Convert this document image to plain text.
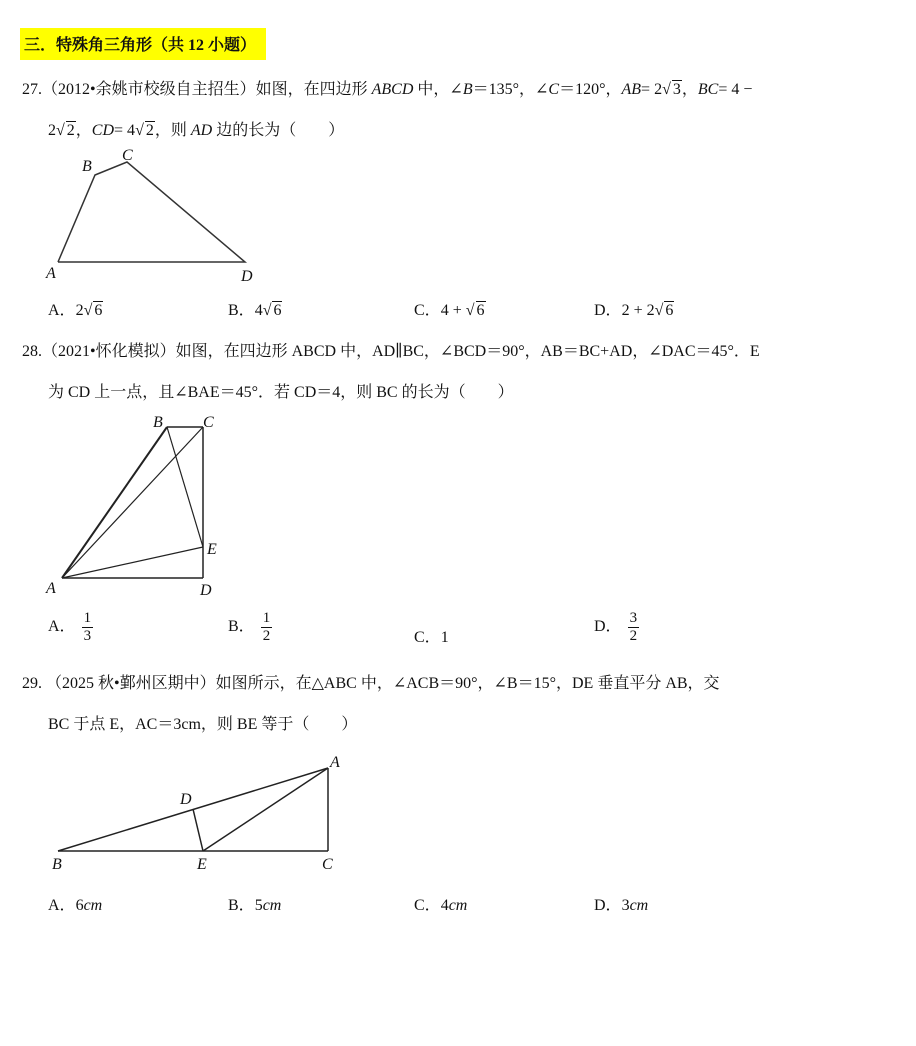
三．特殊角三角形（共 12 小题）
27.（2012•余姚市校级自主招生）如图，在四边形 ABCD 中，∠B＝135°，∠C＝120°，AB= 2√ 3，BC= 4 −
2√ 2，CD= 4√ 2，则 AD 边的长为（　　）
A
B
C
D
A．2√ 6	B．4√ 6	C．4 + √ 6	D．2 + 2√ 6
28.（2021•怀化模拟）如图，在四边形 ABCD 中，AD∥BC，∠BCD＝90°，AB＝BC+AD，∠DAC＝45°．E
为 CD 上一点，且∠BAE＝45°．若 CD＝4，则 BC 的长为（　　）
A
B	C
D
E
A． $\frac{1}{3}$	B． $\frac{1}{2}$	C．1
D． $\frac{3}{2}$
29. （2025 秋•鄞州区期中）如图所示，在△ABC 中，∠ACB＝90°，∠B＝15°，DE 垂直平分 AB，交
BC 于点 E，AC＝3cm，则 BE 等于（　　）
A
B	C
D
E
A．6cm	B．5cm	C．4cm	D．3cm
